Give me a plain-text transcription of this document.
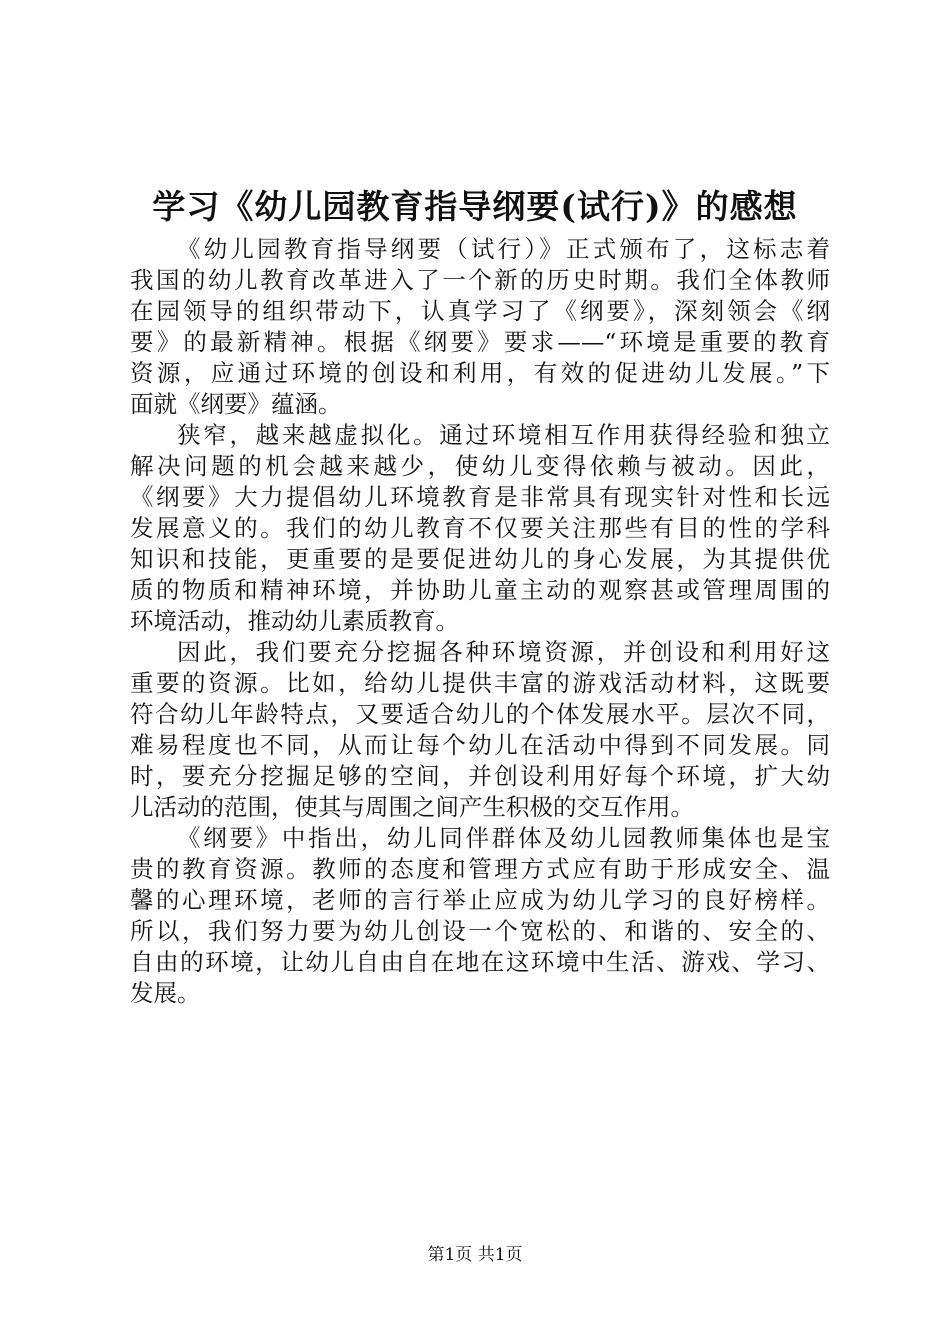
学习《幼儿园教育指导纲要(试行)》的感想

《幼儿园教育指导纲要（试行）》正式颁布了，这标志着
我国的幼儿教育改革进入了一个新的历史时期。我们全体教师
在园领导的组织带动下，认真学习了《纲要》，深刻领会《纲
要》的最新精神。根据《纲要》要求——“环境是重要的教育
资源，应通过环境的创设和利用，有效的促进幼儿发展。”下
面就《纲要》蕴涵。

狭窄，越来越虚拟化。通过环境相互作用获得经验和独立
解决问题的机会越来越少，使幼儿变得依赖与被动。因此，
《纲要》大力提倡幼儿环境教育是非常具有现实针对性和长远
发展意义的。我们的幼儿教育不仅要关注那些有目的性的学科
知识和技能，更重要的是要促进幼儿的身心发展，为其提供优
质的物质和精神环境，并协助儿童主动的观察甚或管理周围的
环境活动，推动幼儿素质教育。

因此，我们要充分挖掘各种环境资源，并创设和利用好这
重要的资源。比如，给幼儿提供丰富的游戏活动材料，这既要
符合幼儿年龄特点，又要适合幼儿的个体发展水平。层次不同，
难易程度也不同，从而让每个幼儿在活动中得到不同发展。同
时，要充分挖掘足够的空间，并创设利用好每个环境，扩大幼
儿活动的范围，使其与周围之间产生积极的交互作用。

《纲要》中指出，幼儿同伴群体及幼儿园教师集体也是宝
贵的教育资源。教师的态度和管理方式应有助于形成安全、温
馨的心理环境，老师的言行举止应成为幼儿学习的良好榜样。
所以，我们努力要为幼儿创设一个宽松的、和谐的、安全的、
自由的环境，让幼儿自由自在地在这环境中生活、游戏、学习、
发展。

第1页 共1页
